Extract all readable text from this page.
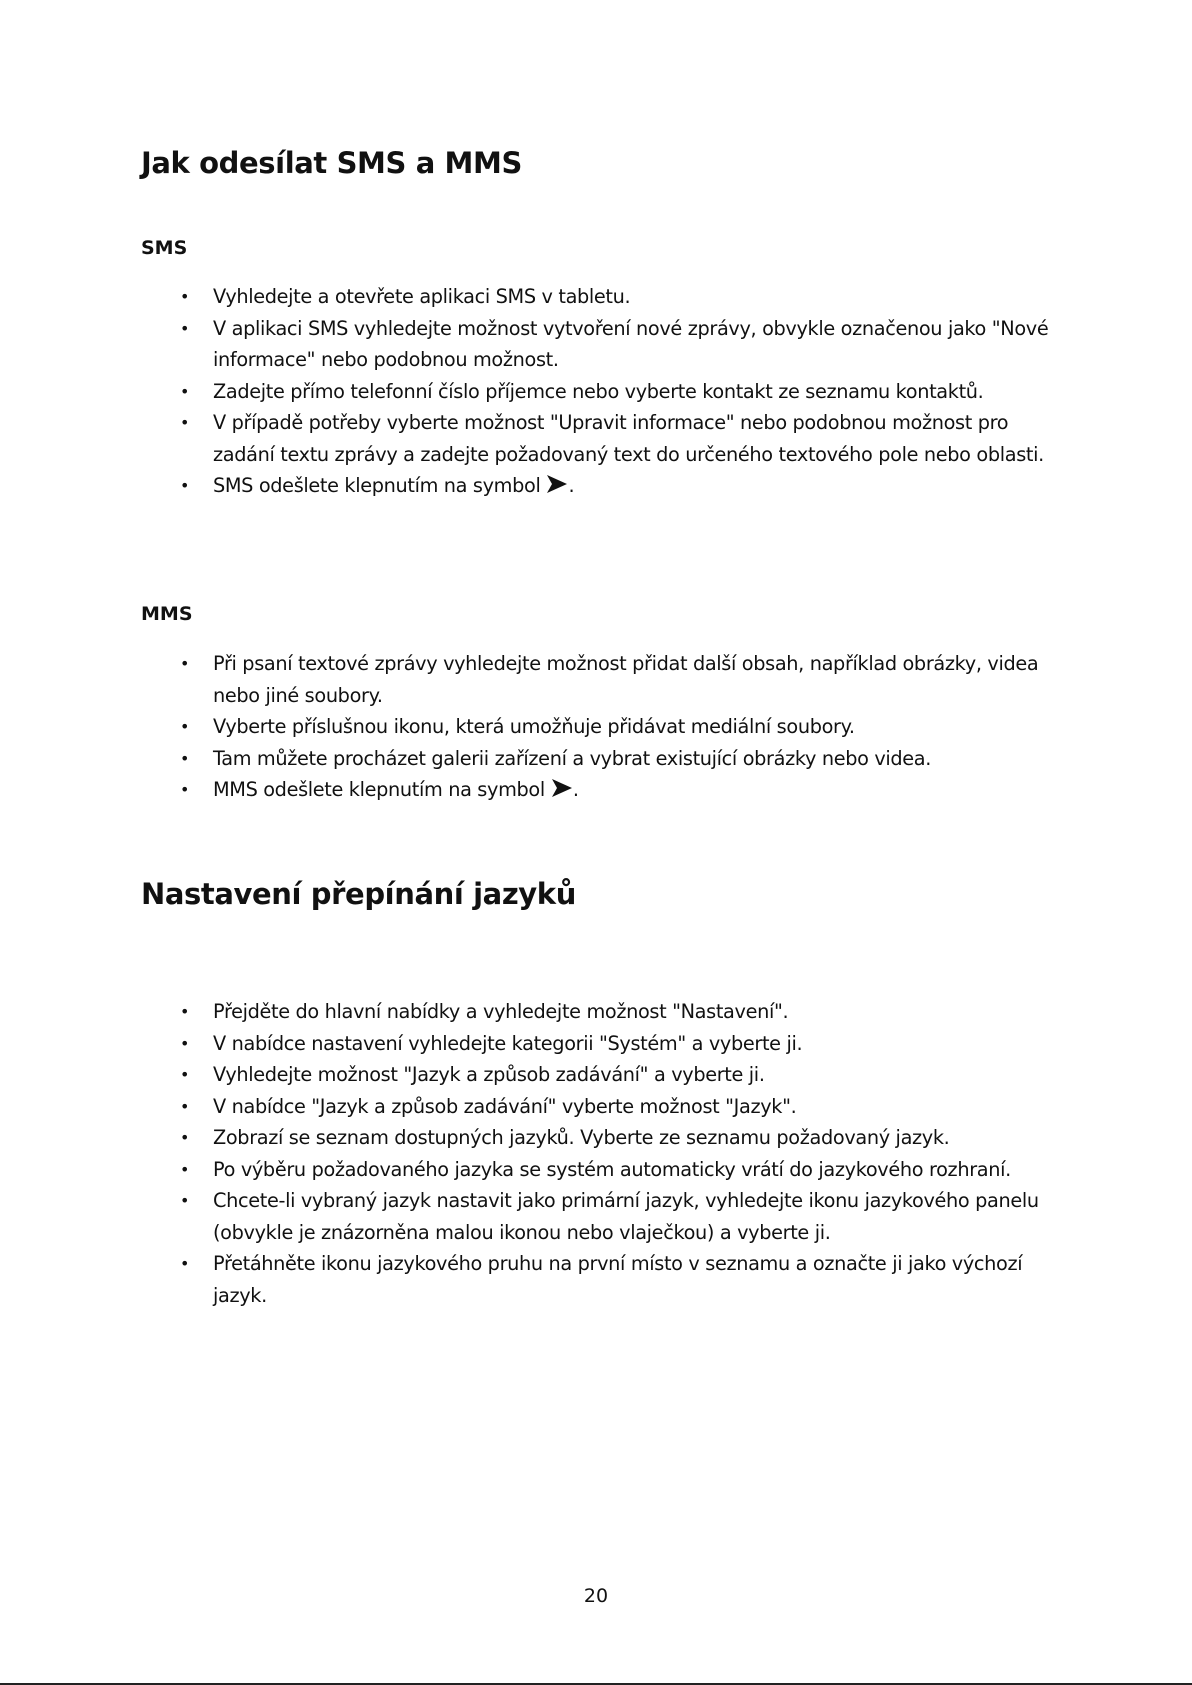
Jak odesílat SMS a MMS
SMS
• Vyhledejte a otevřete aplikaci SMS v tabletu.
• V aplikaci SMS vyhledejte možnost vytvoření nové zprávy, obvykle označenou jako "Nové informace" nebo podobnou možnost.
• Zadejte přímo telefonní číslo příjemce nebo vyberte kontakt ze seznamu kontaktů.
• V případě potřeby vyberte možnost "Upravit informace" nebo podobnou možnost pro zadání textu zprávy a zadejte požadovaný text do určeného textového pole nebo oblasti.
• SMS odešlete klepnutím na symbol .
MMS
• Při psaní textové zprávy vyhledejte možnost přidat další obsah, například obrázky, videa nebo jiné soubory.
• Vyberte příslušnou ikonu, která umožňuje přidávat mediální soubory.
• Tam můžete procházet galerii zařízení a vybrat existující obrázky nebo videa.
• MMS odešlete klepnutím na symbol .
Nastavení přepínání jazyků
• Přejděte do hlavní nabídky a vyhledejte možnost "Nastavení".
• V nabídce nastavení vyhledejte kategorii "Systém" a vyberte ji.
• Vyhledejte možnost "Jazyk a způsob zadávání" a vyberte ji.
• V nabídce "Jazyk a způsob zadávání" vyberte možnost "Jazyk".
• Zobrazí se seznam dostupných jazyků. Vyberte ze seznamu požadovaný jazyk.
• Po výběru požadovaného jazyka se systém automaticky vrátí do jazykového rozhraní.
• Chcete-li vybraný jazyk nastavit jako primární jazyk, vyhledejte ikonu jazykového panelu (obvykle je znázorněna malou ikonou nebo vlaječkou) a vyberte ji.
• Přetáhněte ikonu jazykového pruhu na první místo v seznamu a označte ji jako výchozí jazyk.
20
